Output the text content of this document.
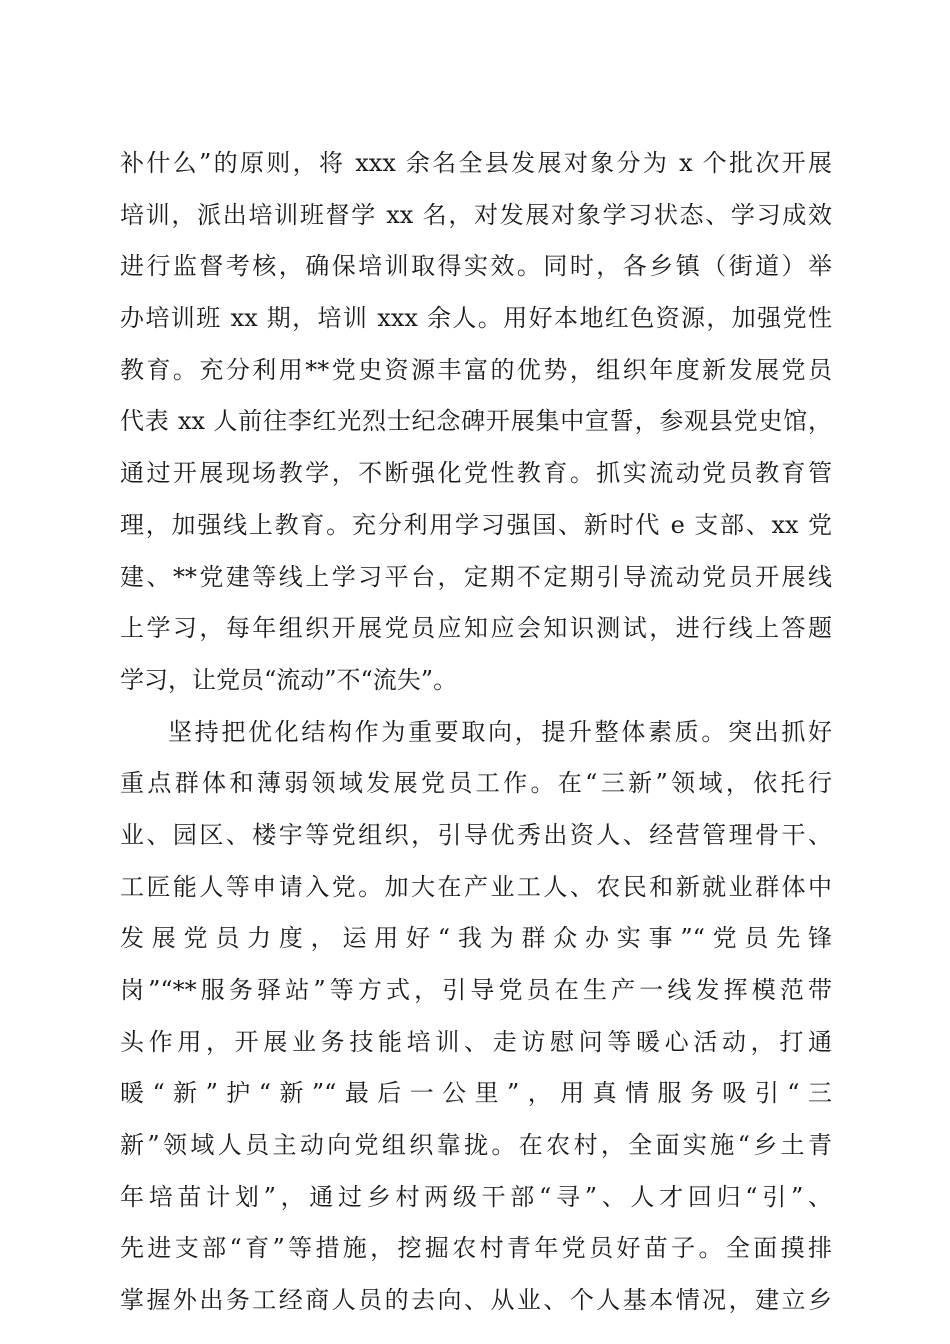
补什么”的原则，将 xxx 余名全县发展对象分为 x 个批次开展
培训，派出培训班督学 xx 名，对发展对象学习状态、学习成效
进行监督考核，确保培训取得实效。同时，各乡镇（街道）举
办培训班 xx 期，培训 xxx 余人。用好本地红色资源，加强党性
教育。充分利用**党史资源丰富的优势，组织年度新发展党员
代表 xx 人前往李红光烈士纪念碑开展集中宣誓，参观县党史馆，
通过开展现场教学，不断强化党性教育。抓实流动党员教育管
理，加强线上教育。充分利用学习强国、新时代 e 支部、xx 党
建、**党建等线上学习平台，定期不定期引导流动党员开展线
上学习，每年组织开展党员应知应会知识测试，进行线上答题
学习，让党员“流动”不“流失”。
坚持把优化结构作为重要取向，提升整体素质。突出抓好
重点群体和薄弱领域发展党员工作。在“三新”领域，依托行
业、园区、楼宇等党组织，引导优秀出资人、经营管理骨干、
工匠能人等申请入党。加大在产业工人、农民和新就业群体中
发展党员力度，运用好“我为群众办实事”“党员先锋
岗”“**服务驿站”等方式，引导党员在生产一线发挥模范带
头作用，开展业务技能培训、走访慰问等暖心活动，打通
暖“新”护“新”“最后一公里”，用真情服务吸引“三
新”领域人员主动向党组织靠拢。在农村，全面实施“乡土青
年培苗计划”，通过乡村两级干部“寻”、人才回归“引”、
先进支部“育”等措施，挖掘农村青年党员好苗子。全面摸排
掌握外出务工经商人员的去向、从业、个人基本情况，建立乡
